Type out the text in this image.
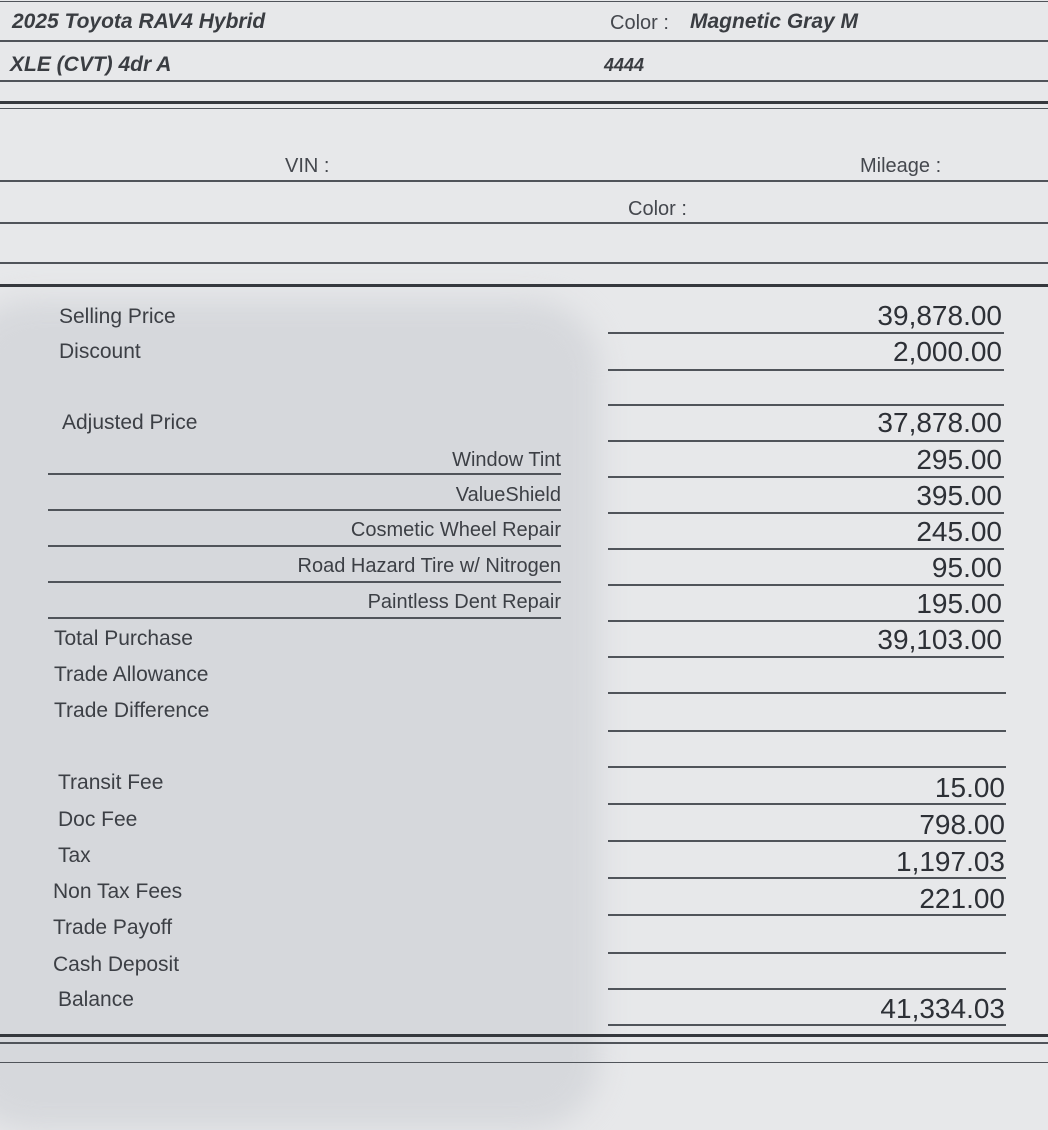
2025 Toyota RAV4 Hybrid
XLE (CVT) 4dr A
Color : Magnetic Gray M
4444
VIN :	Mileage :
Color :
Selling Price
Discount
Adjusted Price
Window Tint
ValueShield
Cosmetic Wheel Repair
Road Hazard Tire w/ Nitrogen
Paintless Dent Repair
Total Purchase
Trade Allowance
Trade Difference
Transit Fee
Doc Fee
Tax
Non Tax Fees
Trade Payoff
Cash Deposit
Balance
39,878.00
2,000.00
37,878.00
295.00
395.00
245.00
95.00
195.00
39,103.00
15.00
798.00
1,197.03
221.00
41,334.03
